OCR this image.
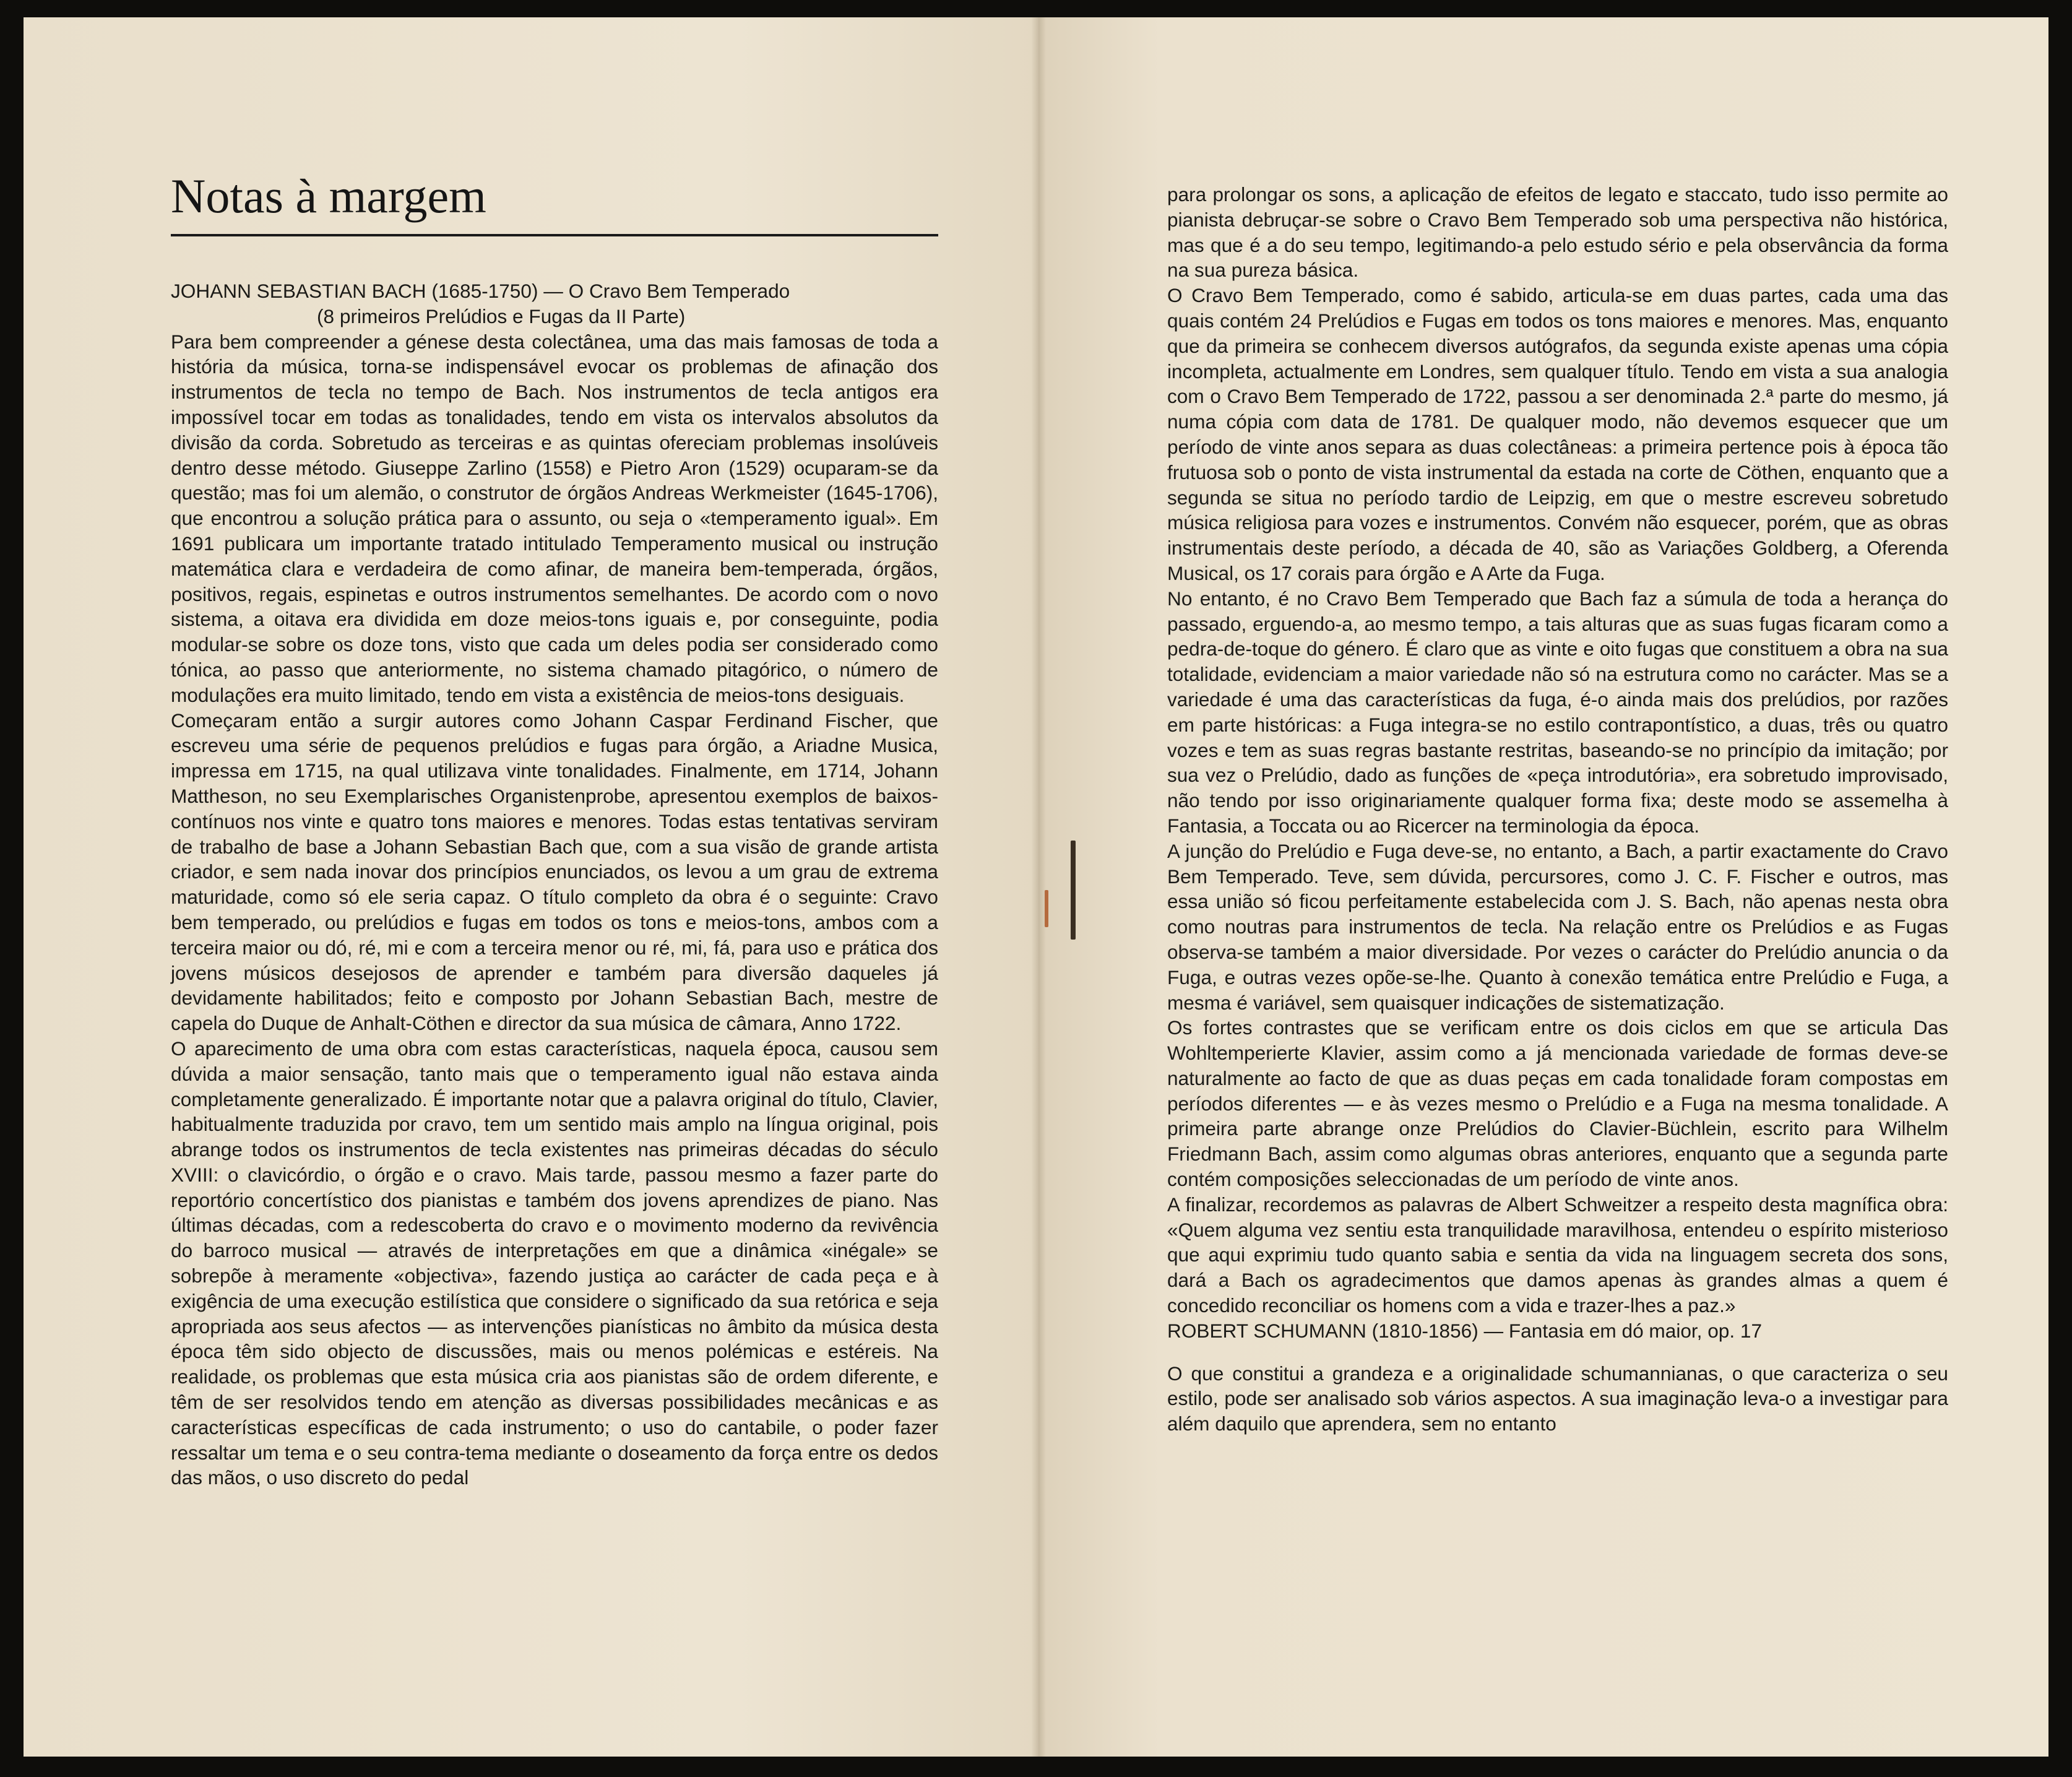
Notas à margem

JOHANN SEBASTIAN BACH (1685-1750) — O Cravo Bem Temperado

(8 primeiros Prelúdios e Fugas da II Parte)

Para bem compreender a génese desta colectânea, uma das mais famosas de toda a história da música, torna-se indispensável evocar os problemas de afinação dos instrumentos de tecla no tempo de Bach. Nos instrumentos de tecla antigos era impossível tocar em todas as tonalidades, tendo em vista os intervalos absolutos da divisão da corda. Sobretudo as terceiras e as quintas ofereciam problemas insolúveis dentro desse método. Giuseppe Zarlino (1558) e Pietro Aron (1529) ocuparam-se da questão; mas foi um alemão, o construtor de órgãos Andreas Werkmeister (1645-1706), que encontrou a solução prática para o assunto, ou seja o «temperamento igual». Em 1691 publicara um importante tratado intitulado Temperamento musical ou instrução matemática clara e verdadeira de como afinar, de maneira bem-temperada, órgãos, positivos, regais, espinetas e outros instrumentos semelhantes. De acordo com o novo sistema, a oitava era dividida em doze meios-tons iguais e, por conseguinte, podia modular-se sobre os doze tons, visto que cada um deles podia ser considerado como tónica, ao passo que anteriormente, no sistema chamado pitagórico, o número de modulações era muito limitado, tendo em vista a existência de meios-tons desiguais.

Começaram então a surgir autores como Johann Caspar Ferdinand Fischer, que escreveu uma série de pequenos prelúdios e fugas para órgão, a Ariadne Musica, impressa em 1715, na qual utilizava vinte tonalidades. Finalmente, em 1714, Johann Mattheson, no seu Exemplarisches Organistenprobe, apresentou exemplos de baixos-contínuos nos vinte e quatro tons maiores e menores. Todas estas tentativas serviram de trabalho de base a Johann Sebastian Bach que, com a sua visão de grande artista criador, e sem nada inovar dos princípios enunciados, os levou a um grau de extrema maturidade, como só ele seria capaz. O título completo da obra é o seguinte: Cravo bem temperado, ou prelúdios e fugas em todos os tons e meios-tons, ambos com a terceira maior ou dó, ré, mi e com a terceira menor ou ré, mi, fá, para uso e prática dos jovens músicos desejosos de aprender e também para diversão daqueles já devidamente habilitados; feito e composto por Johann Sebastian Bach, mestre de capela do Duque de Anhalt-Cöthen e director da sua música de câmara, Anno 1722.

O aparecimento de uma obra com estas características, naquela época, causou sem dúvida a maior sensação, tanto mais que o temperamento igual não estava ainda completamente generalizado. É importante notar que a palavra original do título, Clavier, habitualmente traduzida por cravo, tem um sentido mais amplo na língua original, pois abrange todos os instrumentos de tecla existentes nas primeiras décadas do século XVIII: o clavicórdio, o órgão e o cravo. Mais tarde, passou mesmo a fazer parte do reportório concertístico dos pianistas e também dos jovens aprendizes de piano. Nas últimas décadas, com a redescoberta do cravo e o movimento moderno da revivência do barroco musical — através de interpretações em que a dinâmica «inégale» se sobrepõe à meramente «objectiva», fazendo justiça ao carácter de cada peça e à exigência de uma execução estilística que considere o significado da sua retórica e seja apropriada aos seus afectos — as intervenções pianísticas no âmbito da música desta época têm sido objecto de discussões, mais ou menos polémicas e estéreis. Na realidade, os problemas que esta música cria aos pianistas são de ordem diferente, e têm de ser resolvidos tendo em atenção as diversas possibilidades mecânicas e as características específicas de cada instrumento; o uso do cantabile, o poder fazer ressaltar um tema e o seu contra-tema mediante o doseamento da força entre os dedos das mãos, o uso discreto do pedal

para prolongar os sons, a aplicação de efeitos de legato e staccato, tudo isso permite ao pianista debruçar-se sobre o Cravo Bem Temperado sob uma perspectiva não histórica, mas que é a do seu tempo, legitimando-a pelo estudo sério e pela observância da forma na sua pureza básica.

O Cravo Bem Temperado, como é sabido, articula-se em duas partes, cada uma das quais contém 24 Prelúdios e Fugas em todos os tons maiores e menores. Mas, enquanto que da primeira se conhecem diversos autógrafos, da segunda existe apenas uma cópia incompleta, actualmente em Londres, sem qualquer título. Tendo em vista a sua analogia com o Cravo Bem Temperado de 1722, passou a ser denominada 2.ª parte do mesmo, já numa cópia com data de 1781. De qualquer modo, não devemos esquecer que um período de vinte anos separa as duas colectâneas: a primeira pertence pois à época tão frutuosa sob o ponto de vista instrumental da estada na corte de Cöthen, enquanto que a segunda se situa no período tardio de Leipzig, em que o mestre escreveu sobretudo música religiosa para vozes e instrumentos. Convém não esquecer, porém, que as obras instrumentais deste período, a década de 40, são as Variações Goldberg, a Oferenda Musical, os 17 corais para órgão e A Arte da Fuga.

No entanto, é no Cravo Bem Temperado que Bach faz a súmula de toda a herança do passado, erguendo-a, ao mesmo tempo, a tais alturas que as suas fugas ficaram como a pedra-de-toque do género. É claro que as vinte e oito fugas que constituem a obra na sua totalidade, evidenciam a maior variedade não só na estrutura como no carácter. Mas se a variedade é uma das características da fuga, é-o ainda mais dos prelúdios, por razões em parte históricas: a Fuga integra-se no estilo contrapontístico, a duas, três ou quatro vozes e tem as suas regras bastante restritas, baseando-se no princípio da imitação; por sua vez o Prelúdio, dado as funções de «peça introdutória», era sobretudo improvisado, não tendo por isso originariamente qualquer forma fixa; deste modo se assemelha à Fantasia, a Toccata ou ao Ricercer na terminologia da época.

A junção do Prelúdio e Fuga deve-se, no entanto, a Bach, a partir exactamente do Cravo Bem Temperado. Teve, sem dúvida, percursores, como J. C. F. Fischer e outros, mas essa união só ficou perfeitamente estabelecida com J. S. Bach, não apenas nesta obra como noutras para instrumentos de tecla. Na relação entre os Prelúdios e as Fugas observa-se também a maior diversidade. Por vezes o carácter do Prelúdio anuncia o da Fuga, e outras vezes opõe-se-lhe. Quanto à conexão temática entre Prelúdio e Fuga, a mesma é variável, sem quaisquer indicações de sistematização.

Os fortes contrastes que se verificam entre os dois ciclos em que se articula Das Wohltemperierte Klavier, assim como a já mencionada variedade de formas deve-se naturalmente ao facto de que as duas peças em cada tonalidade foram compostas em períodos diferentes — e às vezes mesmo o Prelúdio e a Fuga na mesma tonalidade. A primeira parte abrange onze Prelúdios do Clavier-Büchlein, escrito para Wilhelm Friedmann Bach, assim como algumas obras anteriores, enquanto que a segunda parte contém composições seleccionadas de um período de vinte anos.

A finalizar, recordemos as palavras de Albert Schweitzer a respeito desta magnífica obra: «Quem alguma vez sentiu esta tranquilidade maravilhosa, entendeu o espírito misterioso que aqui exprimiu tudo quanto sabia e sentia da vida na linguagem secreta dos sons, dará a Bach os agradecimentos que damos apenas às grandes almas a quem é concedido reconciliar os homens com a vida e trazer-lhes a paz.»

ROBERT SCHUMANN (1810-1856) — Fantasia em dó maior, op. 17

O que constitui a grandeza e a originalidade schumannianas, o que caracteriza o seu estilo, pode ser analisado sob vários aspectos. A sua imaginação leva-o a investigar para além daquilo que aprendera, sem no entanto
